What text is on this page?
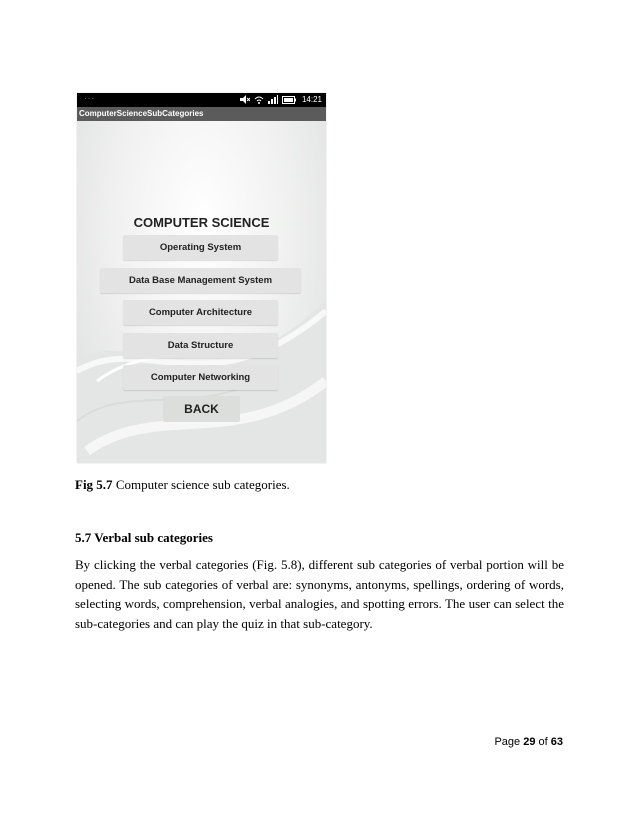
···	14:21
ComputerScienceSubCategories
COMPUTER SCIENCE
Operating System
Data Base Management System
Computer Architecture
Data Structure
Computer Networking
BACK
Fig 5.7 Computer science sub categories.
5.7 Verbal sub categories
By clicking the verbal categories (Fig. 5.8), different sub categories of verbal portion will be opened. The sub categories of verbal are: synonyms, antonyms, spellings, ordering of words, selecting words, comprehension, verbal analogies, and spotting errors. The user can select the sub-categories and can play the quiz in that sub-category.
Page 29 of 63
